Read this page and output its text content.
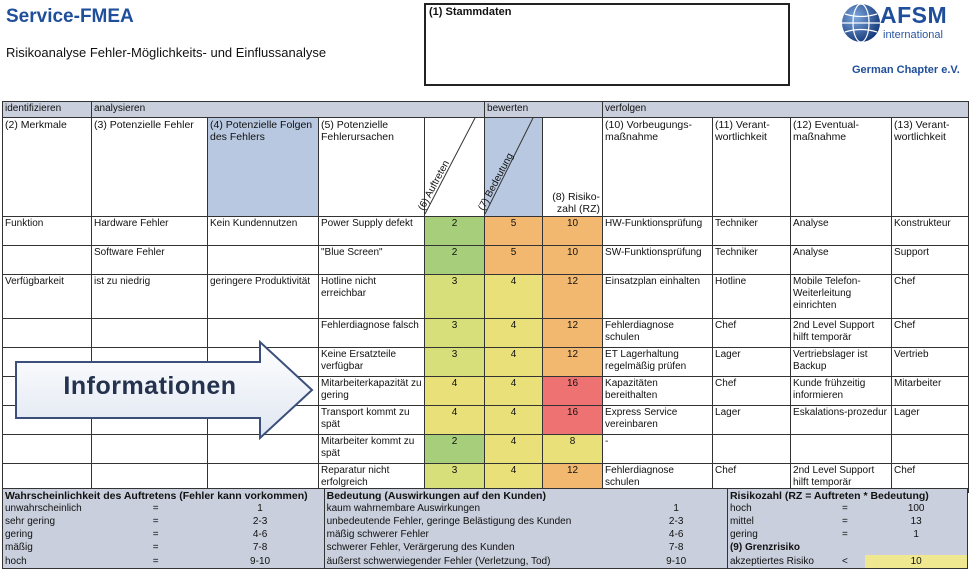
Service-FMEA
Risikoanalyse Fehler-Möglichkeits- und Einflussanalyse
(1) Stammdaten	AFSM
international
German Chapter e.V.
identifizieren	analysieren				bewerten		verfolgen			
(2) Merkmale	(3) Potenzielle Fehler	(4) Potenzielle Folgen des Fehlers	(5) Potenzielle Fehlerursachen	(6) Auftreten	(7) Bedeutung	(8) Risiko-zahl (RZ)	(10) Vorbeugungs-maßnahme	(11) Verant-wortlichkeit	(12) Eventual-maßnahme	(13) Verant-wortlichkeit
Funktion	Hardware Fehler	Kein Kundennutzen	Power Supply defekt	2	5	10	HW-Funktionsprüfung	Techniker	Analyse	Konstrukteur
	Software Fehler		"Blue Screen"	2	5	10	SW-Funktionsprüfung	Techniker	Analyse	Support
Verfügbarkeit	ist zu niedrig	geringere Produktivität	Hotline nicht erreichbar	3	4	12	Einsatzplan einhalten	Hotline	Mobile Telefon-Weiterleitung einrichten	Chef
			Fehlerdiagnose falsch	3	4	12	Fehlerdiagnose schulen	Chef	2nd Level Support hilft temporär	Chef
			Keine Ersatzteile verfügbar	3	4	12	ET Lagerhaltung regelmäßig prüfen	Lager	Vertriebslager ist Backup	Vertrieb
			Mitarbeiterkapazität zu gering	4	4	16	Kapazitäten bereithalten	Chef	Kunde frühzeitig informieren	Mitarbeiter
			Transport kommt zu spät	4	4	16	Express Service vereinbaren	Lager	Eskalations-prozedur	Lager
			Mitarbeiter kommt zu spät	2	4	8	-			
			Reparatur nicht erfolgreich	3	4	12	Fehlerdiagnose schulen	Chef	2nd Level Support hilft temporär	Chef
Informationen
Wahrscheinlichkeit des Auftretens (Fehler kann vorkommen)			Bedeutung (Auswirkungen auf den Kunden)		Risikozahl (RZ = Auftreten * Bedeutung)		
unwahrscheinlich	=	1	kaum wahrnembare Auswirkungen	1	hoch	=	100
sehr gering	=	2-3	unbedeutende Fehler, geringe Belästigung des Kunden	2-3	mittel	=	13
gering	=	4-6	mäßig schwerer Fehler	4-6	gering	=	1
mäßig	=	7-8	schwerer Fehler, Verärgerung des Kunden	7-8	(9) Grenzrisiko		
hoch	=	9-10	äußerst schwerwiegender Fehler (Verletzung, Tod)	9-10	akzeptiertes Risiko	<	10
